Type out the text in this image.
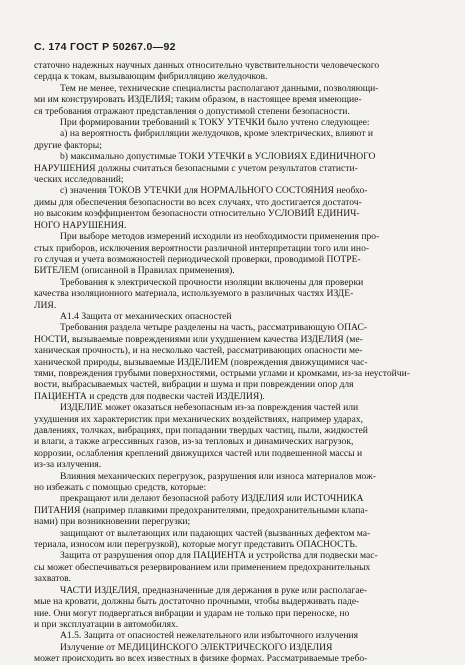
С. 174 ГОСТ Р 50267.0—92
статочно надежных научных данных относительно чувствительности человеческого
сердца к токам, вызывающим фибрилляцию желудочков.
Тем не менее, технические специалисты располагают данными, позволяющи-
ми им конструировать ИЗДЕЛИЯ; таким образом, в настоящее время имеющие-
ся требования отражают представления о допустимой степени безопасности.
При формировании требований к ТОКУ УТЕЧКИ было учтено следующее:
а) на вероятность фибрилляции желудочков, кроме электрических, влияют и
другие факторы;
b) максимально допустимые ТОКИ УТЕЧКИ в УСЛОВИЯХ ЕДИНИЧНОГО
НАРУШЕНИЯ должны считаться безопасными с учетом результатов статисти-
ческих исследований;
с) значения ТОКОВ УТЕЧКИ для НОРМАЛЬНОГО СОСТОЯНИЯ необхо-
димы для обеспечения безопасности во всех случаях, что достигается достаточ-
но высоким коэффициентом безопасности относительно УСЛОВИЙ ЕДИНИЧ-
НОГО НАРУШЕНИЯ.
При выборе методов измерений исходили из необходимости применения про-
стых приборов, исключения вероятности различной интерпретации того или ино-
го случая и учета возможностей периодической проверки, проводимой ПОТРЕ-
БИТЕЛЕМ (описанной в Правилах применения).
Требования к электрической прочности изоляции включены для проверки
качества изоляционного материала, используемого в различных частях ИЗДЕ-
ЛИЯ.
А1.4 Защита от механических опасностей
Требования раздела четыре разделены на часть, рассматривающую ОПАС-
НОСТИ, вызываемые повреждениями или ухудшением качества ИЗДЕЛИЯ (ме-
ханическая прочность), и на несколько частей, рассматривающих опасности ме-
ханической природы, вызываемые ИЗДЕЛИЕМ (повреждения движущимися час-
тями, повреждения грубыми поверхностями, острыми углами и кромками, из-за неустойчи-
вости, выбрасываемых частей, вибрации и шума и при повреждении опор для
ПАЦИЕНТА и средств для подвески частей ИЗДЕЛИЯ).
ИЗДЕЛИЕ может оказаться небезопасным из-за повреждения частей или
ухудшения их характеристик при механических воздействиях, например ударах,
давлениях, толчках, вибрациях, при попадании твердых частиц, пыли, жидкостей
и влаги, а также агрессивных газов, из-за тепловых и динамических нагрузок,
коррозии, ослабления креплений движущихся частей или подвешенной массы и
из-за излучения.
Влияния механических перегрузок, разрушения или износа материалов мож-
но избежать с помощью средств, которые:
прекращают или делают безопасной работу ИЗДЕЛИЯ или ИСТОЧНИКА
ПИТАНИЯ (например плавкими предохранителями, предохранительными клапа-
нами) при возникновении перегрузки;
защищают от вылетающих или падающих частей (вызванных дефектом ма-
териала, износом или перегрузкой), которые могут представить ОПАСНОСТЬ.
Защита от разрушения опор для ПАЦИЕНТА и устройства для подвески мас-
сы может обеспечиваться резервированием или применением предохранительных
захватов.
ЧАСТИ ИЗДЕЛИЯ, предназначенные для держания в руке или располагае-
мые на кровати, должны быть достаточно прочными, чтобы выдерживать паде-
ние. Они могут подвергаться вибрации и ударам не только при переноске, но
и при эксплуатации в автомобилях.
А1.5. Защита от опасностей нежелательного или избыточного излучения
Излучение от МЕДИЦИНСКОГО ЭЛЕКТРИЧЕСКОГО ИЗДЕЛИЯ
может происходить во всех известных в физике формах. Рассматриваемые требо-
